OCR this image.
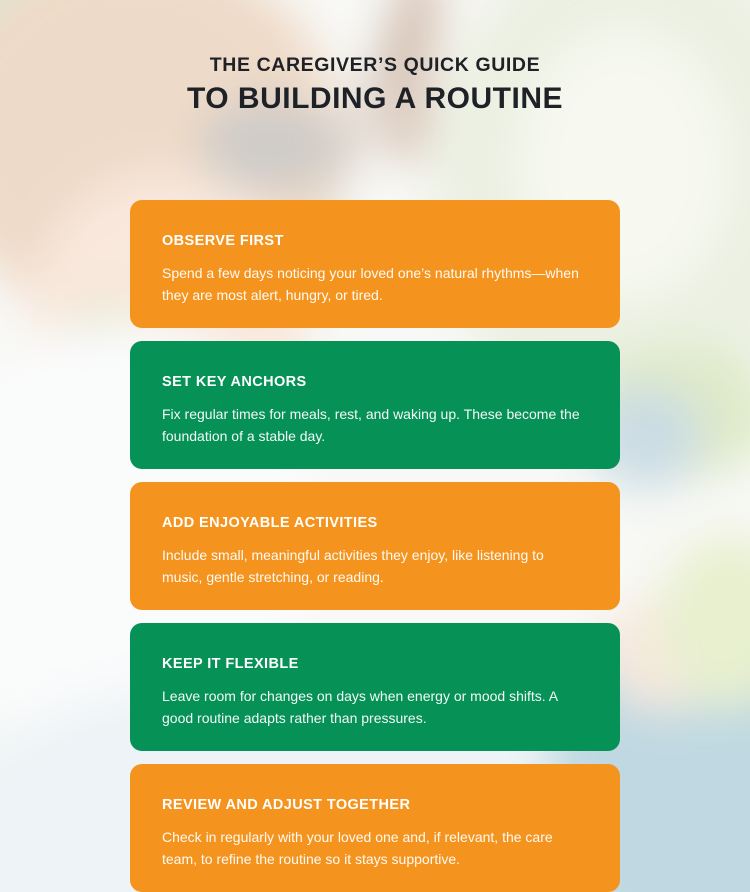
THE CAREGIVER’S QUICK GUIDE
TO BUILDING A ROUTINE
OBSERVE FIRST

Spend a few days noticing your loved one’s natural rhythms—when they are most alert, hungry, or tired.

SET KEY ANCHORS

Fix regular times for meals, rest, and waking up. These become the foundation of a stable day.

ADD ENJOYABLE ACTIVITIES

Include small, meaningful activities they enjoy, like listening to music, gentle stretching, or reading.

KEEP IT FLEXIBLE

Leave room for changes on days when energy or mood shifts. A good routine adapts rather than pressures.

REVIEW AND ADJUST TOGETHER

Check in regularly with your loved one and, if relevant, the care team, to refine the routine so it stays supportive.
